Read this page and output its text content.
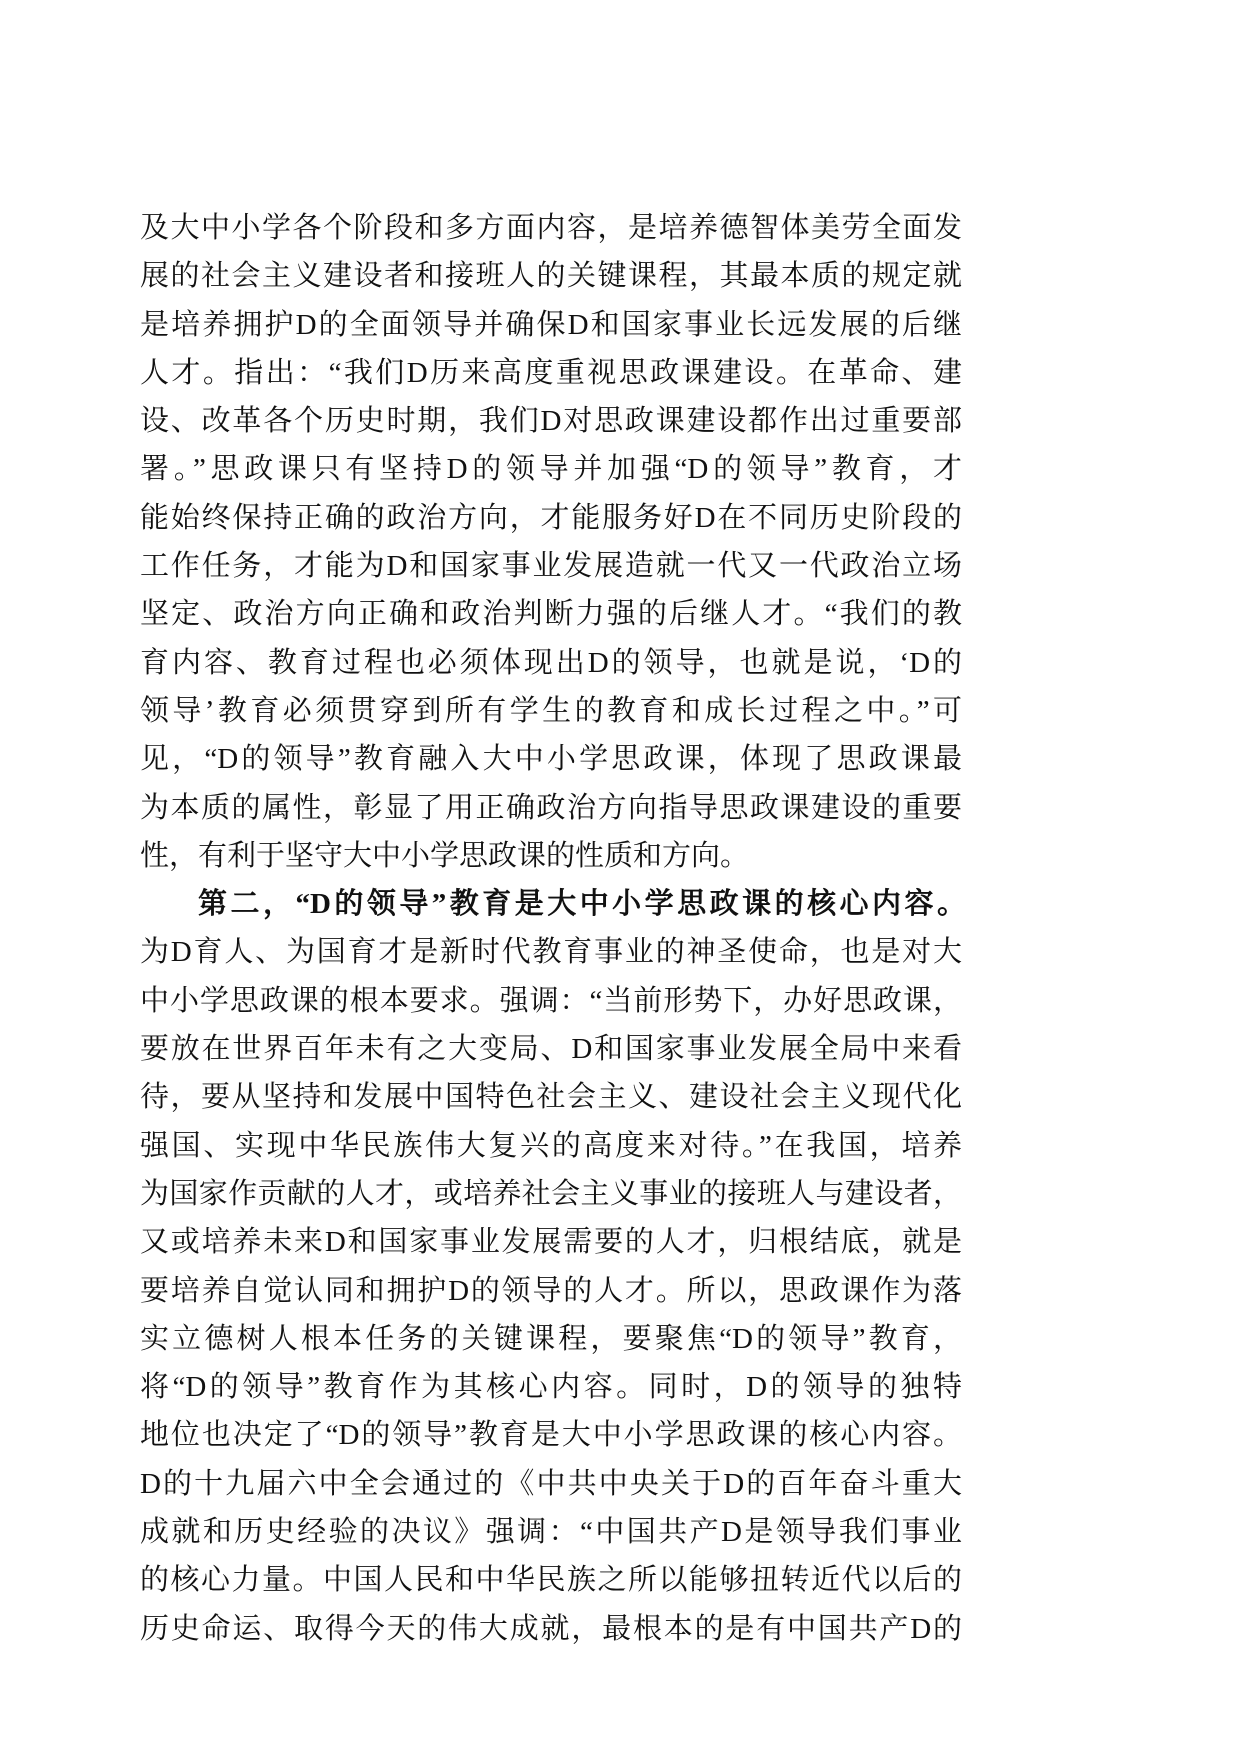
及大中小学各个阶段和多方面内容，是培养德智体美劳全面发
展的社会主义建设者和接班人的关键课程，其最本质的规定就
是培养拥护D的全面领导并确保D和国家事业长远发展的后继
人才。指出：“我们D历来高度重视思政课建设。在革命、建
设、改革各个历史时期，我们D对思政课建设都作出过重要部
署。”思政课只有坚持D的领导并加强“D的领导”教育，才
能始终保持正确的政治方向，才能服务好D在不同历史阶段的
工作任务，才能为D和国家事业发展造就一代又一代政治立场
坚定、政治方向正确和政治判断力强的后继人才。“我们的教
育内容、教育过程也必须体现出D的领导，也就是说，‘D的
领导’教育必须贯穿到所有学生的教育和成长过程之中。”可
见，“D的领导”教育融入大中小学思政课，体现了思政课最
为本质的属性，彰显了用正确政治方向指导思政课建设的重要
性，有利于坚守大中小学思政课的性质和方向。
第二，“D的领导”教育是大中小学思政课的核心内容。
为D育人、为国育才是新时代教育事业的神圣使命，也是对大
中小学思政课的根本要求。强调：“当前形势下，办好思政课，
要放在世界百年未有之大变局、D和国家事业发展全局中来看
待，要从坚持和发展中国特色社会主义、建设社会主义现代化
强国、实现中华民族伟大复兴的高度来对待。”在我国，培养
为国家作贡献的人才，或培养社会主义事业的接班人与建设者，
又或培养未来D和国家事业发展需要的人才，归根结底，就是
要培养自觉认同和拥护D的领导的人才。所以，思政课作为落
实立德树人根本任务的关键课程，要聚焦“D的领导”教育，
将“D的领导”教育作为其核心内容。同时，D的领导的独特
地位也决定了“D的领导”教育是大中小学思政课的核心内容。
D的十九届六中全会通过的《中共中央关于D的百年奋斗重大
成就和历史经验的决议》强调：“中国共产D是领导我们事业
的核心力量。中国人民和中华民族之所以能够扭转近代以后的
历史命运、取得今天的伟大成就，最根本的是有中国共产D的
